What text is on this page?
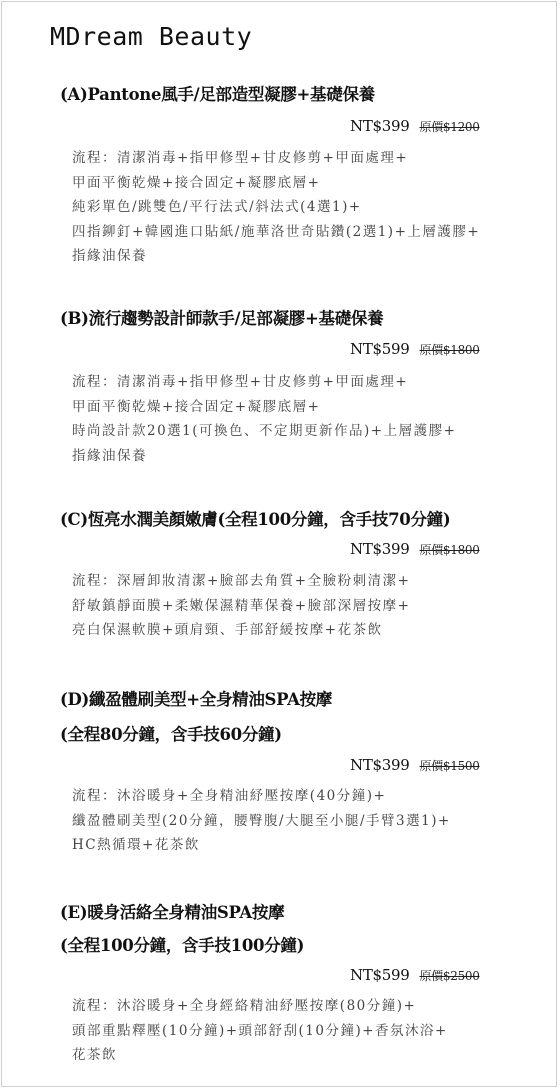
MDream Beauty
(A)Pantone風手/足部造型凝膠+基礎保養
NT$399 原價$1200
流程：清潔消毒+指甲修型+甘皮修剪+甲面處理+
甲面平衡乾燥+接合固定+凝膠底層+
純彩單色/跳雙色/平行法式/斜法式(4選1)+
四指鉚釘+韓國進口貼紙/施華洛世奇貼鑽(2選1)+上層護膠+
指緣油保養
(B)流行趨勢設計師款手/足部凝膠+基礎保養
NT$599 原價$1800
流程：清潔消毒+指甲修型+甘皮修剪+甲面處理+
甲面平衡乾燥+接合固定+凝膠底層+
時尚設計款20選1(可換色、不定期更新作品)+上層護膠+
指緣油保養
(C)恆亮水潤美顏嫩膚(全程100分鐘，含手技70分鐘)
NT$399 原價$1800
流程：深層卸妝清潔+臉部去角質+全臉粉刺清潔+
舒敏鎮靜面膜+柔嫩保濕精華保養+臉部深層按摩+
亮白保濕軟膜+頭肩頸、手部舒緩按摩+花茶飲
(D)纖盈體刷美型+全身精油SPA按摩
(全程80分鐘，含手技60分鐘)
NT$399 原價$1500
流程：沐浴暖身+全身精油紓壓按摩(40分鐘)+
纖盈體刷美型(20分鐘，腰臀腹/大腿至小腿/手臂3選1)+
HC熱循環+花茶飲
(E)暖身活絡全身精油SPA按摩
(全程100分鐘，含手技100分鐘)
NT$599 原價$2500
流程：沐浴暖身+全身經絡精油紓壓按摩(80分鐘)+
頭部重點釋壓(10分鐘)+頭部舒刮(10分鐘)+香氛沐浴+
花茶飲
